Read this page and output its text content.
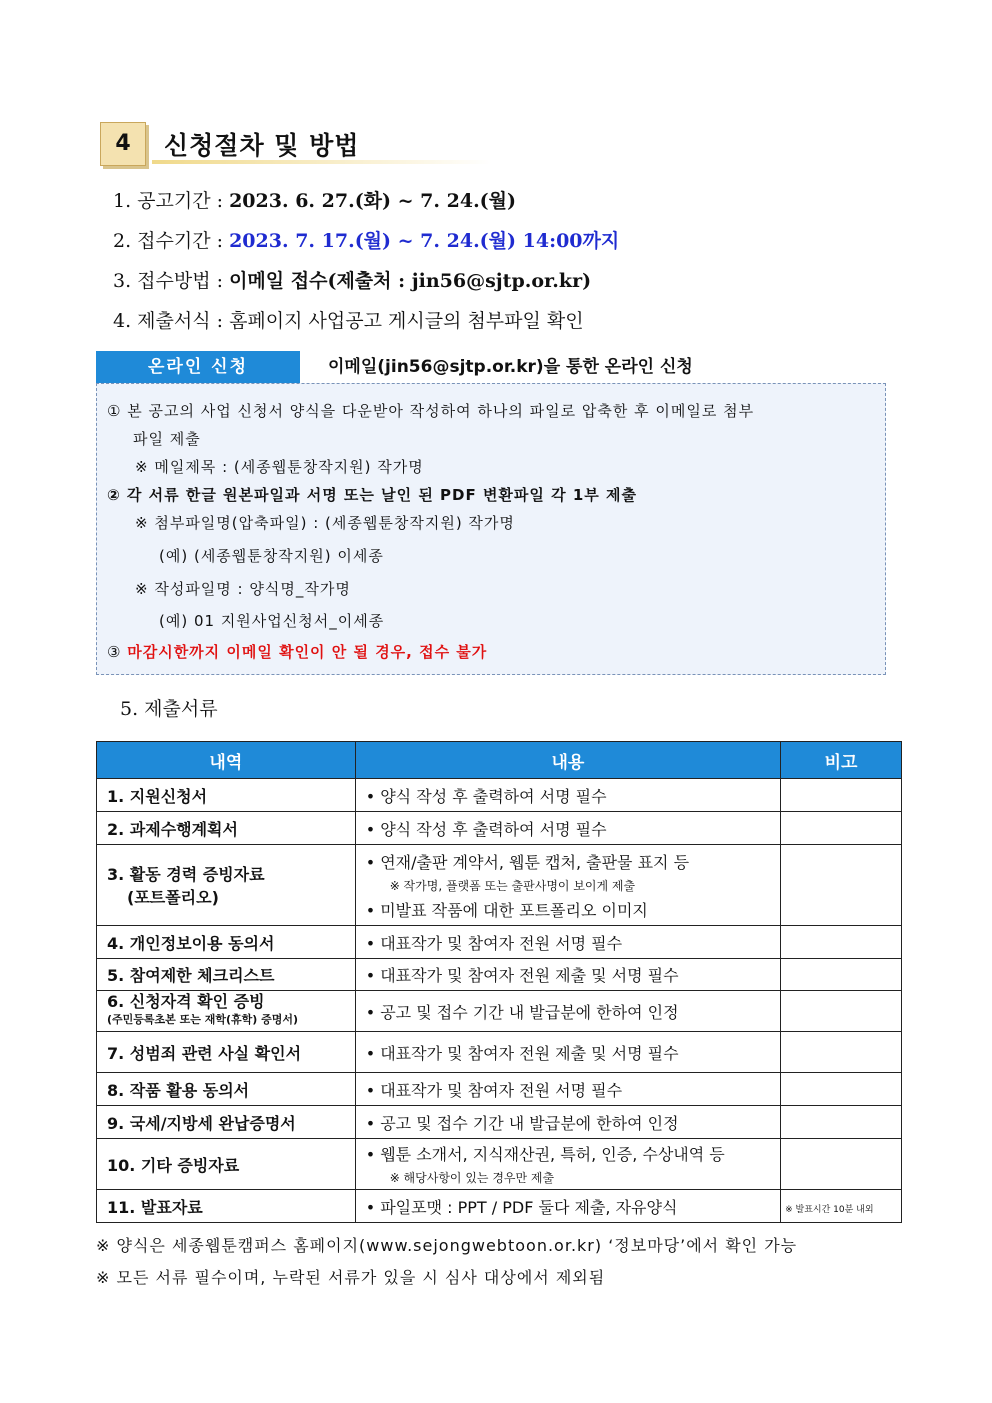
4	신청절차 및 방법
1. 공고기간 : 2023. 6. 27.(화) ~ 7. 24.(월)
2. 접수기간 : 2023. 7. 17.(월) ~ 7. 24.(월) 14:00까지
3. 접수방법 : 이메일 접수(제출처 : jin56@sjtp.or.kr)
4. 제출서식 : 홈페이지 사업공고 게시글의 첨부파일 확인
온라인 신청	이메일(jin56@sjtp.or.kr)을 통한 온라인 신청
① 본 공고의 사업 신청서 양식을 다운받아 작성하여 하나의 파일로 압축한 후 이메일로 첨부
파일 제출
※ 메일제목 : (세종웹툰창작지원) 작가명
② 각 서류 한글 원본파일과 서명 또는 날인 된 PDF 변환파일 각 1부 제출
※ 첨부파일명(압축파일) : (세종웹툰창작지원) 작가명
(예) (세종웹툰창작지원) 이세종
※ 작성파일명 : 양식명_작가명
(예) 01 지원사업신청서_이세종
③ 마감시한까지 이메일 확인이 안 될 경우, 접수 불가
5. 제출서류
내역	내용	비고
1. 지원신청서	• 양식 작성 후 출력하여 서명 필수	
2. 과제수행계획서	• 양식 작성 후 출력하여 서명 필수	
3. 활동 경력 증빙자료
(포트폴리오)	• 연재/출판 계약서, 웹툰 캡처, 출판물 표지 등
※ 작가명, 플랫폼 또는 출판사명이 보이게 제출
• 미발표 작품에 대한 포트폴리오 이미지	
4. 개인정보이용 동의서	• 대표작가 및 참여자 전원 서명 필수	
5. 참여제한 체크리스트	• 대표작가 및 참여자 전원 제출 및 서명 필수	
6. 신청자격 확인 증빙
(주민등록초본 또는 재학(휴학) 증명서)	• 공고 및 접수 기간 내 발급분에 한하여 인정	
7. 성범죄 관련 사실 확인서	• 대표작가 및 참여자 전원 제출 및 서명 필수	
8. 작품 활용 동의서	• 대표작가 및 참여자 전원 서명 필수	
9. 국세/지방세 완납증명서	• 공고 및 접수 기간 내 발급분에 한하여 인정	
10. 기타 증빙자료	• 웹툰 소개서, 지식재산권, 특허, 인증, 수상내역 등
※ 해당사항이 있는 경우만 제출

11. 발표자료	• 파일포맷 : PPT / PDF 둘다 제출, 자유양식	※ 발표시간 10분 내외
※ 양식은 세종웹툰캠퍼스 홈페이지(www.sejongwebtoon.or.kr) ‘정보마당’에서 확인 가능
※ 모든 서류 필수이며, 누락된 서류가 있을 시 심사 대상에서 제외됨
